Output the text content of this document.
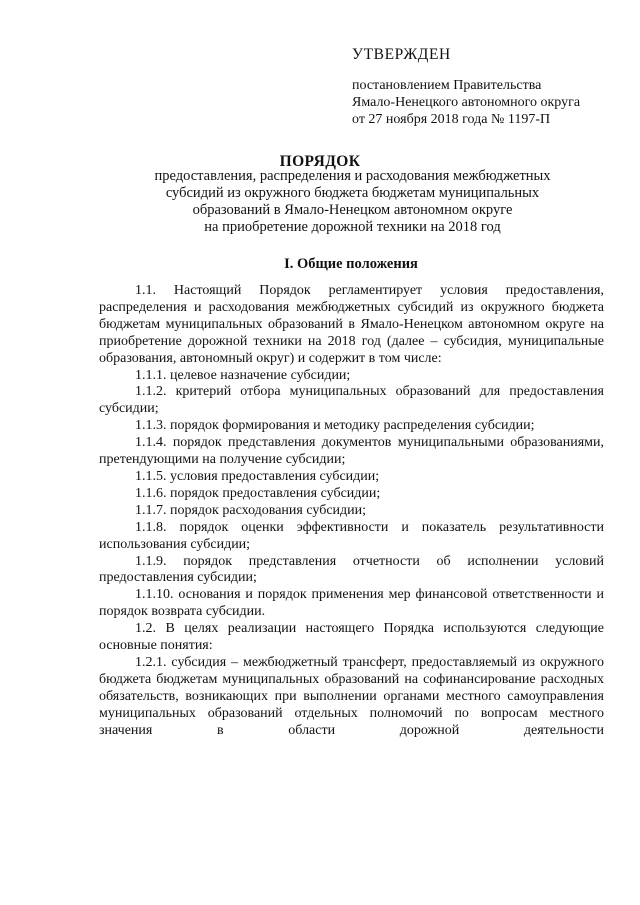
УТВЕРЖДЕН
постановлением Правительства
Ямало-Ненецкого автономного округа
от 27 ноября 2018 года № 1197-П
ПОРЯДОК
предоставления, распределения и расходования межбюджетных
субсидий из окружного бюджета бюджетам муниципальных
образований в Ямало-Ненецком автономном округе
на приобретение дорожной техники на 2018 год
I. Общие положения

1.1. Настоящий Порядок регламентирует условия предоставления, распределения и расходования межбюджетных субсидий из окружного бюджета бюджетам муниципальных образований в Ямало-Ненецком автономном округе на приобретение дорожной техники на 2018 год (далее – субсидия, муниципальные образования, автономный округ) и содержит в том числе:

1.1.1. целевое назначение субсидии;

1.1.2. критерий отбора муниципальных образований для предоставления субсидии;

1.1.3. порядок формирования и методику распределения субсидии;

1.1.4. порядок представления документов муниципальными образованиями, претендующими на получение субсидии;

1.1.5. условия предоставления субсидии;

1.1.6. порядок предоставления субсидии;

1.1.7. порядок расходования субсидии;

1.1.8. порядок оценки эффективности и показатель результативности использования субсидии;

1.1.9. порядок представления отчетности об исполнении условий предоставления субсидии;

1.1.10. основания и порядок применения мер финансовой ответственности и порядок возврата субсидии.

1.2. В целях реализации настоящего Порядка используются следующие основные понятия:

1.2.1. субсидия – межбюджетный трансферт, предоставляемый из окружного бюджета бюджетам муниципальных образований на софинансирование расходных обязательств, возникающих при выполнении органами местного самоуправления муниципальных образований отдельных полномочий по вопросам местного значения в области дорожной деятельности
